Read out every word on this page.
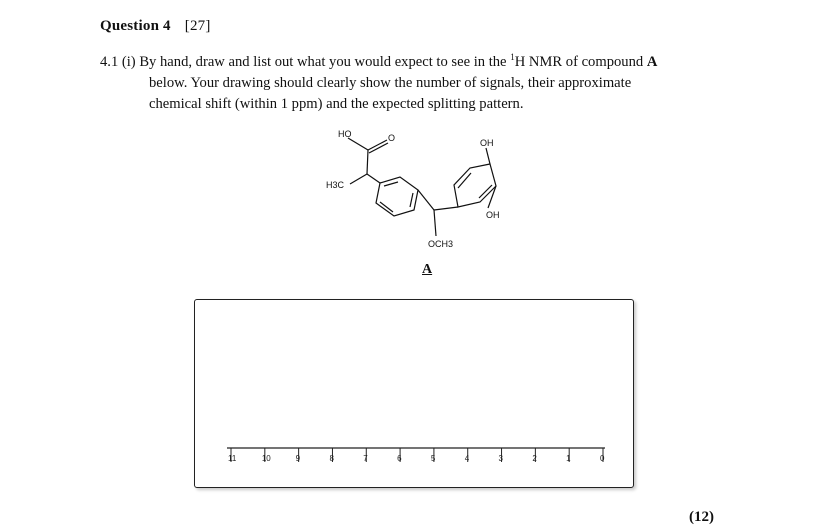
Question 4 [27]
4.1 (i) By hand, draw and list out what you would expect to see in the $^1$H NMR of compound A
below. Your drawing should clearly show the number of signals, their approximate
chemical shift (within 1 ppm) and the expected splitting pattern.
HO	O	OH
H3C
OH
OCH3
A
11	10	9	8	7	6	5	4	3	2	1	0
(12)
